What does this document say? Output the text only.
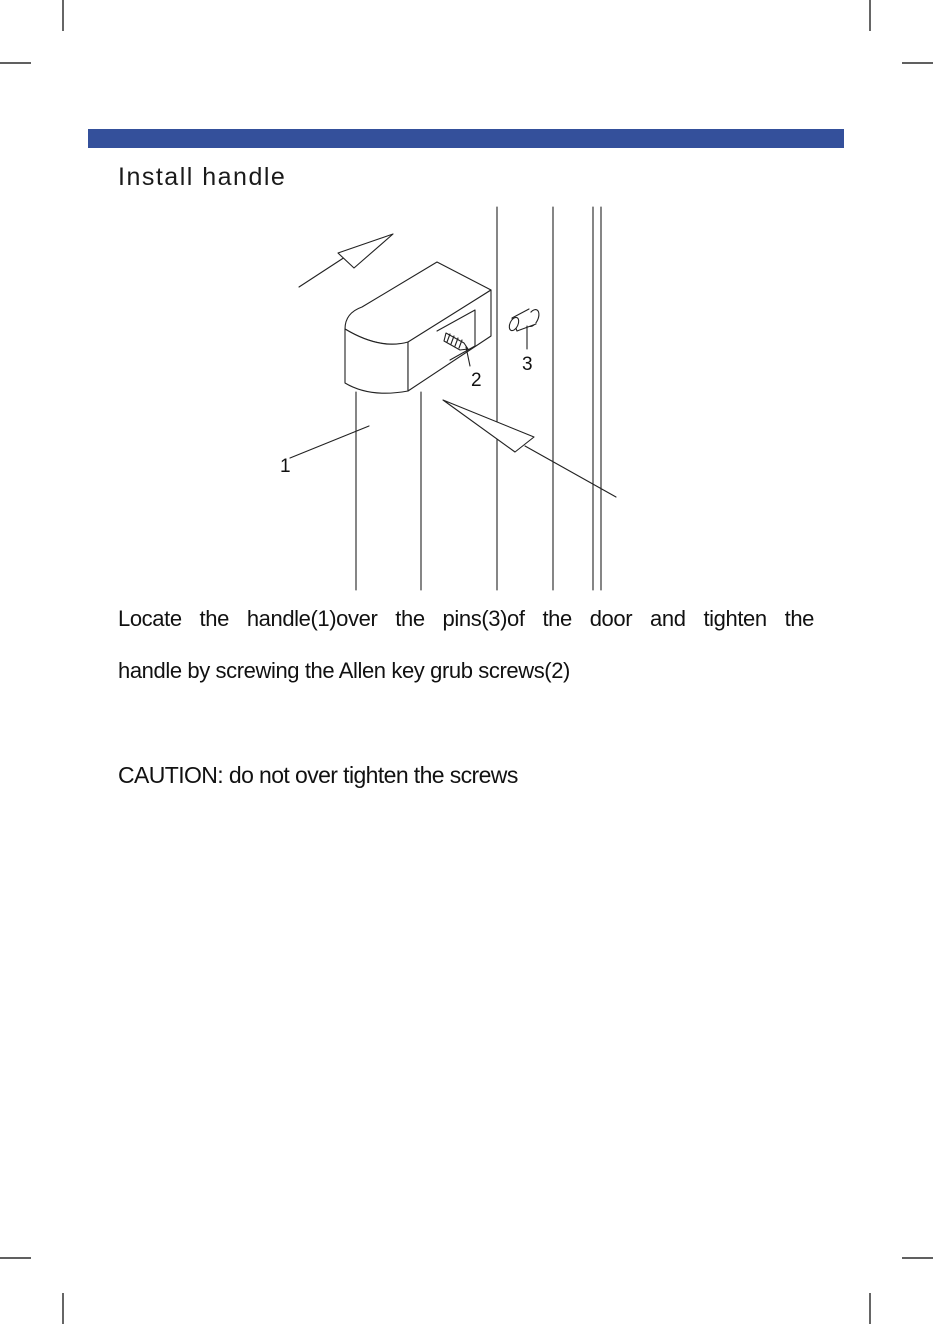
Install handle
1
2
3

Locate the handle(1)over the pins(3)of the door and tighten the

handle by screwing the Allen key grub screws(2)

CAUTION: do not over tighten the screws
